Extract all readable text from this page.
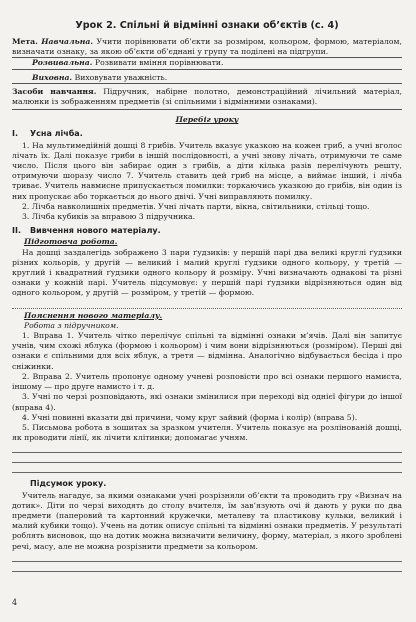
Урок 2. Спільні й відмінні ознаки об’єктів (с. 4)

Мета. Навчальна. Учити порівнювати об’єкти за розміром, кольором, формою, матеріалом, визначати ознаку, за якою об’єкти об’єднані у групу та поділені на підгрупи.

Розвивальна. Розвивати вміння порівнювати.

Виховна. Виховувати уважність.

Засоби навчання. Підручник, набірне полотно, демонстраційний лічильний матеріал, малюнки із зображенням предметів (зі спільними і відмінними ознаками).

Перебіг уроку
І. Усна лічба.

1. На мультимедійній дошці 8 грибів. Учитель вказує указкою на кожен гриб, а учні вголос лічать їх. Далі показує гриби в іншій послідовності, а учні знову лічать, отримуючи те саме число. Після цього він забирає один з грибів, а діти кілька разів перелічують решту, отримуючи шоразу число 7. Учитель ставить цей гриб на місце, а виймає інший, і лічба триває. Учитель навмисне припускається помилки: торкаючись указкою до грибів, він один із них пропускає або торкається до нього двічі. Учні виправляють помилку.

2. Лічба навколишніх предметів. Учні лічать парти, вікна, світильники, стільці тощо.

3. Лічба кубиків за вправою 3 підручника.

ІІ. Вивчення нового матеріалу.
Підготовча робота.

На дошці заздалегідь зображено 3 пари ґудзиків: у першій парі два великі круглі ґудзики різних кольорів, у другій — великий і малий круглі ґудзики одного кольору, у третій — круглий і квадратний ґудзики одного кольору й розміру. Учні визначають однакові та різні ознаки у кожній парі. Учитель підсумовує: у першій парі ґудзики відрізняються один від одного кольором, у другій — розміром, у третій — формою.

Пояснення нового матеріалу.
Робота з підручником.

1. Вправа 1. Учитель чітко перелічує спільні та відмінні ознаки м’ячів. Далі він запитує учнів, чим схожі яблука (формою і кольором) і чим вони відрізняються (розміром). Перші дві ознаки є спільними для всіх яблук, а третя — відмінна. Аналогічно відбувається бесіда і про сніжинки.

2. Вправа 2. Учитель пропонує одному учневі розповісти про всі ознаки першого намиста, іншому — про друге намисто і т. д.

3. Учні по черзі розповідають, які ознаки змінилися при переході від однієї фігури до іншої (вправа 4).

4. Учні повинні вказати дві причини, чому круг зайвий (форма і колір) (вправа 5).

5. Письмова робота в зошитах за зразком учителя. Учитель показує на розлінованій дошці, як проводити лінії, як лічити клітинки; допомагає учням.

Підсумок уроку.

Учитель нагадує, за якими ознаками учні розрізняли об’єкти та проводить гру «Визнач на дотик». Діти по черзі виходять до столу вчителя, їм зав’язують очі й дають у руки по два предмети (паперовий та картонний кружечки, металеву та пластикову кульки, великий і малий кубики тощо). Учень на дотик описує спільні та відмінні ознаки предметів. У результаті роблять висновок, що на дотик можна визначити величину, форму, матеріал, з якого зроблені речі, масу, але не можна розрізнити предмети за кольором.

4
